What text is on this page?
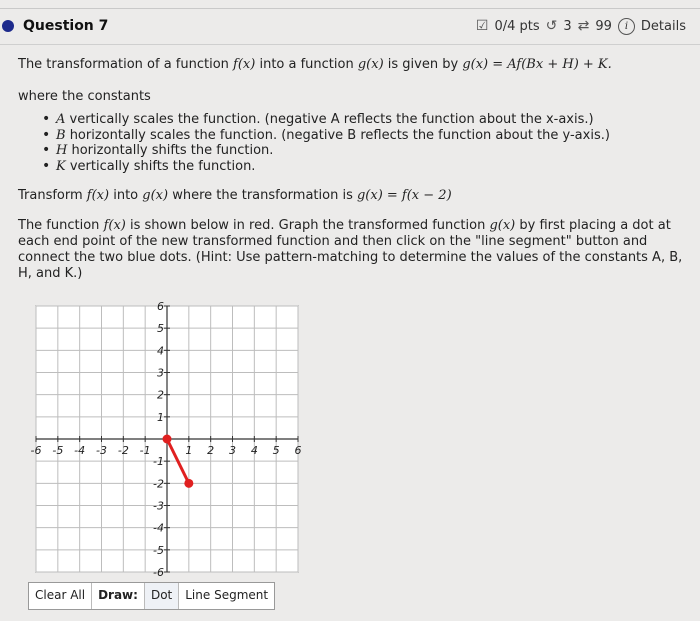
Question 7	☑ 0/4 pts ↺ 3 ⇄ 99	i Details
The transformation of a function f(x) into a function g(x) is given by g(x) = Af(Bx + H) + K.
where the constants
• A vertically scales the function. (negative A reflects the function about the x-axis.)
• B horizontally scales the function. (negative B reflects the function about the y-axis.)
• H horizontally shifts the function.
• K vertically shifts the function.
Transform f(x) into g(x) where the transformation is g(x) = f(x − 2)
The function f(x) is shown below in red. Graph the transformed function g(x) by first placing a dot at each end point of the new transformed function and then click on the "line segment" button and connect the two blue dots. (Hint: Use pattern-matching to determine the values of the constants A, B, H, and K.)
-6 -5 -4 -3 -2 -1	1 2 3 4 5 6
6
5
4
3
2
1
-1
-2
-3
-4
-5
-6
Clear All	Draw:	Dot	Line Segment
